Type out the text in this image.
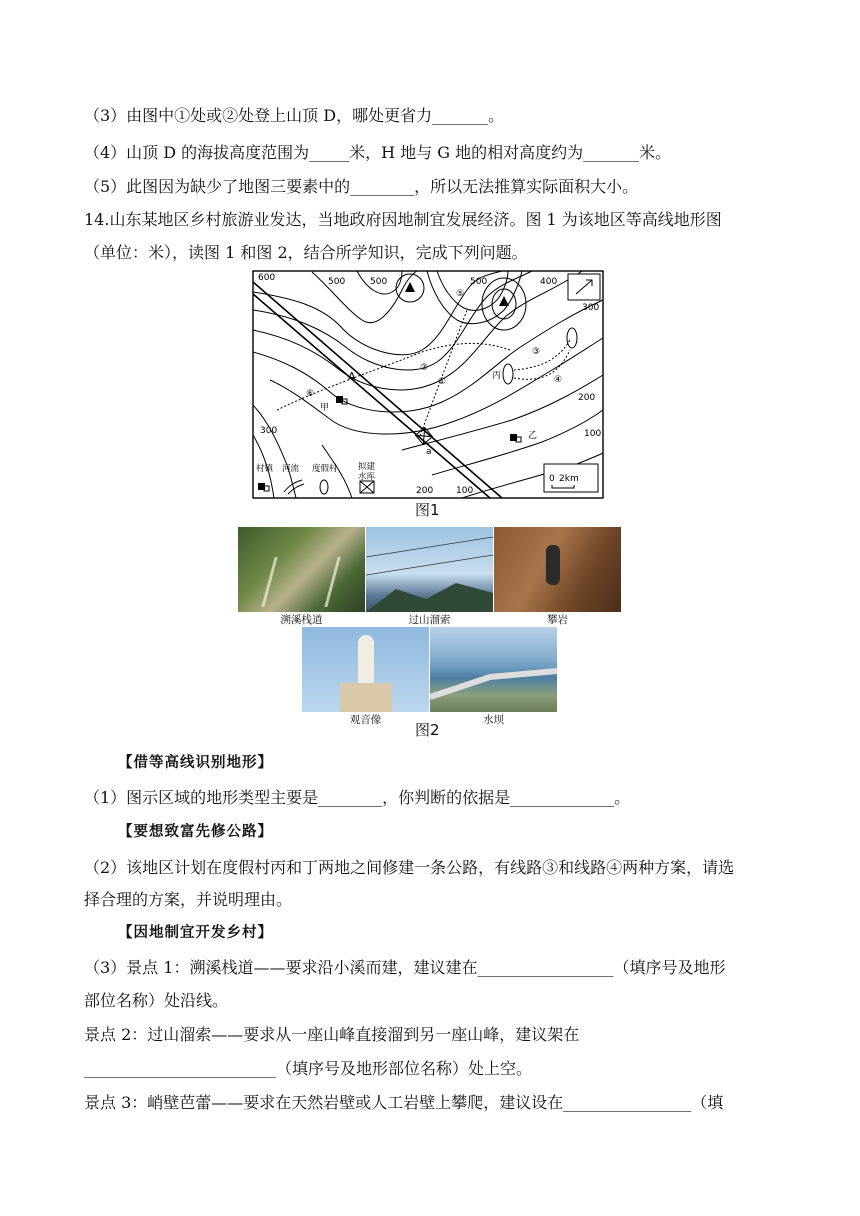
（3）由图中①处或②处登上山顶 D，哪处更省力_______。
（4）山顶 D 的海拔高度范围为_____米，H 地与 G 地的相对高度约为_______米。
（5）此图因为缺少了地图三要素中的________，所以无法推算实际面积大小。
14.山东某地区乡村旅游业发达，当地政府因地制宜发展经济。图 1 为该地区等高线地形图
（单位：米），读图 1 和图 2，结合所学知识，完成下列问题。
600	500	500	500	400
300
200
100
300
200	100
A
甲
乙
丙
a
①
②
③
④
⑤
⑥
村镇 河流 度假村 拟建
水库	0 2km
图1
溯溪栈道	过山溜索	攀岩
观音像	水坝
图2
【借等高线识别地形】
（1）图示区域的地形类型主要是________，你判断的依据是_____________。
【要想致富先修公路】
（2）该地区计划在度假村丙和丁两地之间修建一条公路，有线路③和线路④两种方案，请选
择合理的方案，并说明理由。
【因地制宜开发乡村】
（3）景点 1：溯溪栈道——要求沿小溪而建，建议建在_________________（填序号及地形
部位名称）处沿线。
景点 2：过山溜索——要求从一座山峰直接溜到另一座山峰，建议架在
________________________（填序号及地形部位名称）处上空。
景点 3：峭壁芭蕾——要求在天然岩壁或人工岩壁上攀爬，建议设在________________（填
